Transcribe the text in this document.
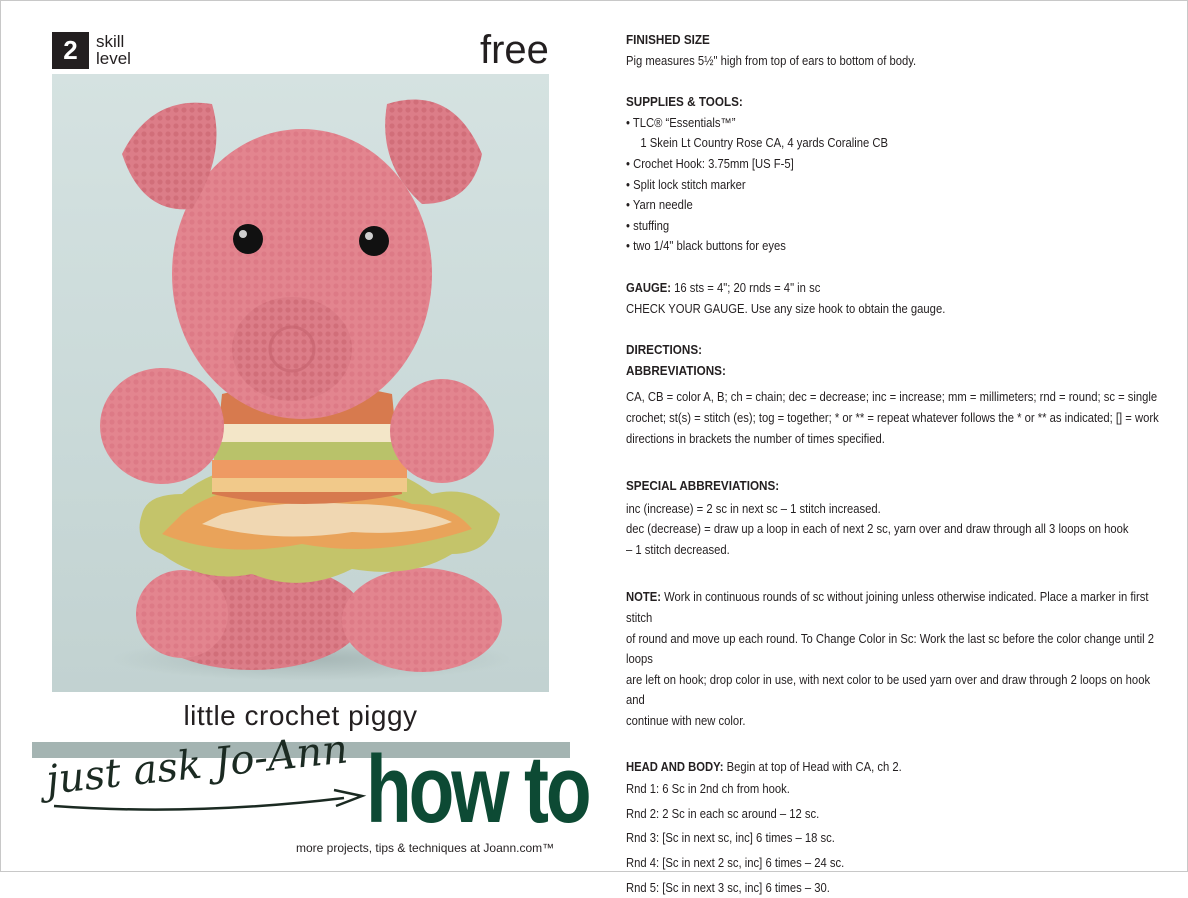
2	skill
level	free
little crochet piggy
just ask Jo-Ann how to
more projects, tips & techniques at Joann.com™

FINISHED SIZE

Pig measures 5½" high from top of ears to bottom of body.

SUPPLIES & TOOLS:

• TLC® “Essentials™”

1 Skein Lt Country Rose CA, 4 yards Coraline CB

• Crochet Hook: 3.75mm [US F-5]

• Split lock stitch marker

• Yarn needle

• stuffing

• two 1/4" black buttons for eyes

GAUGE: 16 sts = 4"; 20 rnds = 4" in sc

CHECK YOUR GAUGE. Use any size hook to obtain the gauge.

DIRECTIONS:

ABBREVIATIONS:

CA, CB = color A, B; ch = chain; dec = decrease; inc = increase; mm = millimeters; rnd = round; sc = single

crochet; st(s) = stitch (es); tog = together; * or ** = repeat whatever follows the * or ** as indicated; [] = work

directions in brackets the number of times specified.

SPECIAL ABBREVIATIONS:

inc (increase) = 2 sc in next sc – 1 stitch increased.

dec (decrease) = draw up a loop in each of next 2 sc, yarn over and draw through all 3 loops on hook

– 1 stitch decreased.

NOTE: Work in continuous rounds of sc without joining unless otherwise indicated. Place a marker in first stitch

of round and move up each round. To Change Color in Sc: Work the last sc before the color change until 2 loops

are left on hook; drop color in use, with next color to be used yarn over and draw through 2 loops on hook and

continue with new color.

HEAD AND BODY: Begin at top of Head with CA, ch 2.

Rnd 1: 6 Sc in 2nd ch from hook.

Rnd 2: 2 Sc in each sc around – 12 sc.

Rnd 3: [Sc in next sc, inc] 6 times – 18 sc.

Rnd 4: [Sc in next 2 sc, inc] 6 times – 24 sc.

Rnd 5: [Sc in next 3 sc, inc] 6 times – 30.
